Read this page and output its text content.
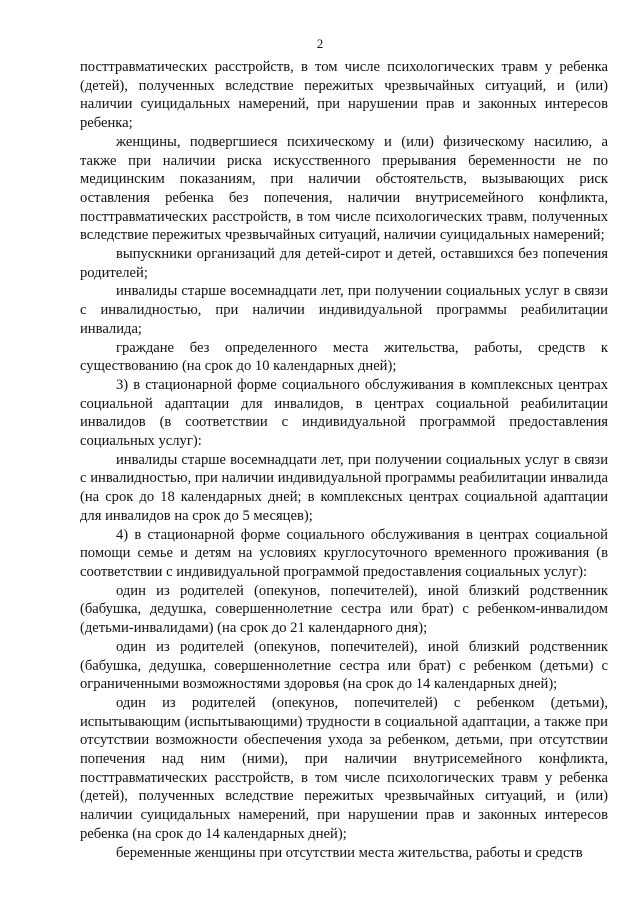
2

посттравматических расстройств, в том числе психологических травм у ребенка (детей), полученных вследствие пережитых чрезвычайных ситуаций, и (или) наличии суицидальных намерений, при нарушении прав и законных интересов ребенка;

женщины, подвергшиеся психическому и (или) физическому насилию, а также при наличии риска искусственного прерывания беременности не по медицинским показаниям, при наличии обстоятельств, вызывающих риск оставления ребенка без попечения, наличии внутрисемейного конфликта, посттравматических расстройств, в том числе психологических травм, полученных вследствие пережитых чрезвычайных ситуаций, наличии суицидальных намерений;

выпускники организаций для детей-сирот и детей, оставшихся без попечения родителей;

инвалиды старше восемнадцати лет, при получении социальных услуг в связи с инвалидностью, при наличии индивидуальной программы реабилитации инвалида;

граждане без определенного места жительства, работы, средств к существованию (на срок до 10 календарных дней);

3) в стационарной форме социального обслуживания в комплексных центрах социальной адаптации для инвалидов, в центрах социальной реабилитации инвалидов (в соответствии с индивидуальной программой предоставления социальных услуг):

инвалиды старше восемнадцати лет, при получении социальных услуг в связи с инвалидностью, при наличии индивидуальной программы реабилитации инвалида (на срок до 18 календарных дней; в комплексных центрах социальной адаптации для инвалидов на срок до 5 месяцев);

4) в стационарной форме социального обслуживания в центрах социальной помощи семье и детям на условиях круглосуточного временного проживания (в соответствии с индивидуальной программой предоставления социальных услуг):

один из родителей (опекунов, попечителей), иной близкий родственник (бабушка, дедушка, совершеннолетние сестра или брат) с ребенком-инвалидом (детьми-инвалидами) (на срок до 21 календарного дня);

один из родителей (опекунов, попечителей), иной близкий родственник (бабушка, дедушка, совершеннолетние сестра или брат) с ребенком (детьми) с ограниченными возможностями здоровья (на срок до 14 календарных дней);

один из родителей (опекунов, попечителей) с ребенком (детьми), испытывающим (испытывающими) трудности в социальной адаптации, а также при отсутствии возможности обеспечения ухода за ребенком, детьми, при отсутствии попечения над ним (ними), при наличии внутрисемейного конфликта, посттравматических расстройств, в том числе психологических травм у ребенка (детей), полученных вследствие пережитых чрезвычайных ситуаций, и (или) наличии суицидальных намерений, при нарушении прав и законных интересов ребенка (на срок до 14 календарных дней);

беременные женщины при отсутствии места жительства, работы и средств
